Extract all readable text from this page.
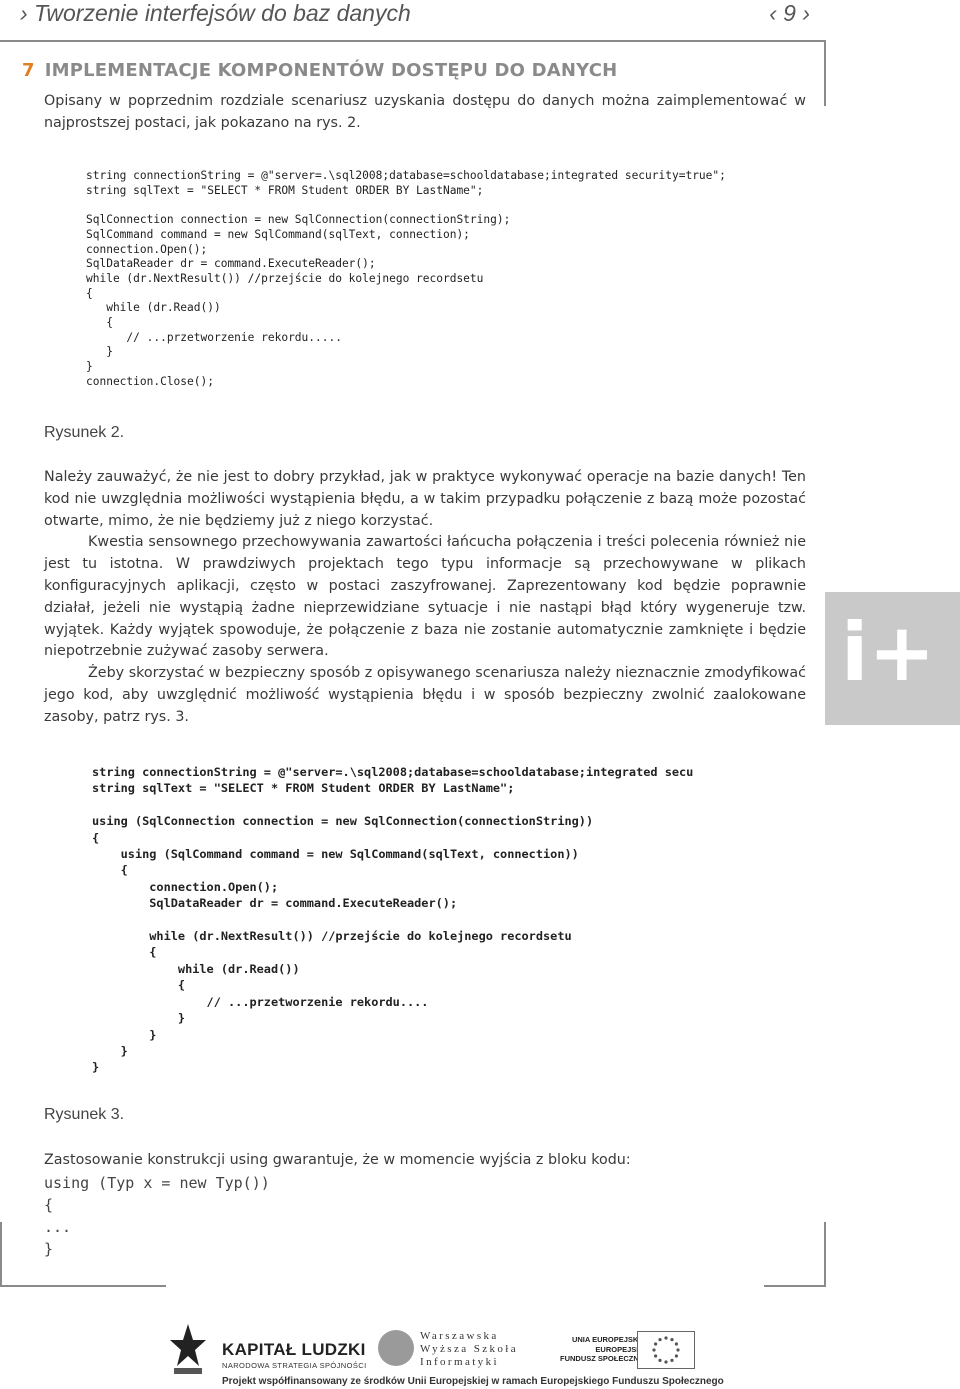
› Tworzenie interfejsów do baz danych	‹ 9 ›
7 IMPLEMENTACJE KOMPONENTÓW DOSTĘPU DO DANYCH

Opisany w poprzednim rozdziale scenariusz uzyskania dostępu do danych można zaimplementować w najprostszej postaci, jak pokazano na rys. 2.

string connectionString = @"server=.\sql2008;database=schooldatabase;integrated security=true";
string sqlText = "SELECT * FROM Student ORDER BY LastName";

SqlConnection connection = new SqlConnection(connectionString);
SqlCommand command = new SqlCommand(sqlText, connection);
connection.Open();
SqlDataReader dr = command.ExecuteReader();
while (dr.NextResult()) //przejście do kolejnego recordsetu
{
while (dr.Read())
{
// ...przetworzenie rekordu.....
}
}
connection.Close();
Rysunek 2.

Należy zauważyć, że nie jest to dobry przykład, jak w praktyce wykonywać operacje na bazie danych! Ten kod nie uwzględnia możliwości wystąpienia błędu, a w takim przypadku połączenie z bazą może pozostać otwarte, mimo, że nie będziemy już z niego korzystać.

Kwestia sensownego przechowywania zawartości łańcucha połączenia i treści polecenia również nie jest tu istotna. W prawdziwych projektach tego typu informacje są przechowywane w plikach konfiguracyjnych aplikacji, często w postaci zaszyfrowanej. Zaprezentowany kod będzie poprawnie działał, jeżeli nie wystąpią żadne nieprzewidziane sytuacje i nie nastąpi błąd który wygeneruje tzw. wyjątek. Każdy wyjątek spowoduje, że połączenie z baza nie zostanie automatycznie zamknięte i będzie niepotrzebnie zużywać zasoby serwera.

Żeby skorzystać w bezpieczny sposób z opisywanego scenariusza należy nieznacznie zmodyfikować jego kod, aby uwzględnić możliwość wystąpienia błędu i w sposób bezpieczny zwolnić zaalokowane zasoby, patrz rys. 3.

i+
string connectionString = @"server=.\sql2008;database=schooldatabase;integrated secu
string sqlText = "SELECT * FROM Student ORDER BY LastName";

using (SqlConnection connection = new SqlConnection(connectionString))
{
using (SqlCommand command = new SqlCommand(sqlText, connection))
{
connection.Open();
SqlDataReader dr = command.ExecuteReader();

while (dr.NextResult()) //przejście do kolejnego recordsetu
{
while (dr.Read())
{
// ...przetworzenie rekordu....
}
}
}
}
Rysunek 3.

Zastosowanie konstrukcji using gwarantuje, że w momencie wyjścia z bloku kodu:

using (Typ x = new Typ())
{
...
}
KAPITAŁ LUDZKI
NARODOWA STRATEGIA SPÓJNOŚCI
Warszawska
Wyższa Szkoła
Informatyki
UNIA EUROPEJSKA
EUROPEJSKI
FUNDUSZ SPOŁECZNY
Projekt współfinansowany ze środków Unii Europejskiej w ramach Europejskiego Funduszu Społecznego
